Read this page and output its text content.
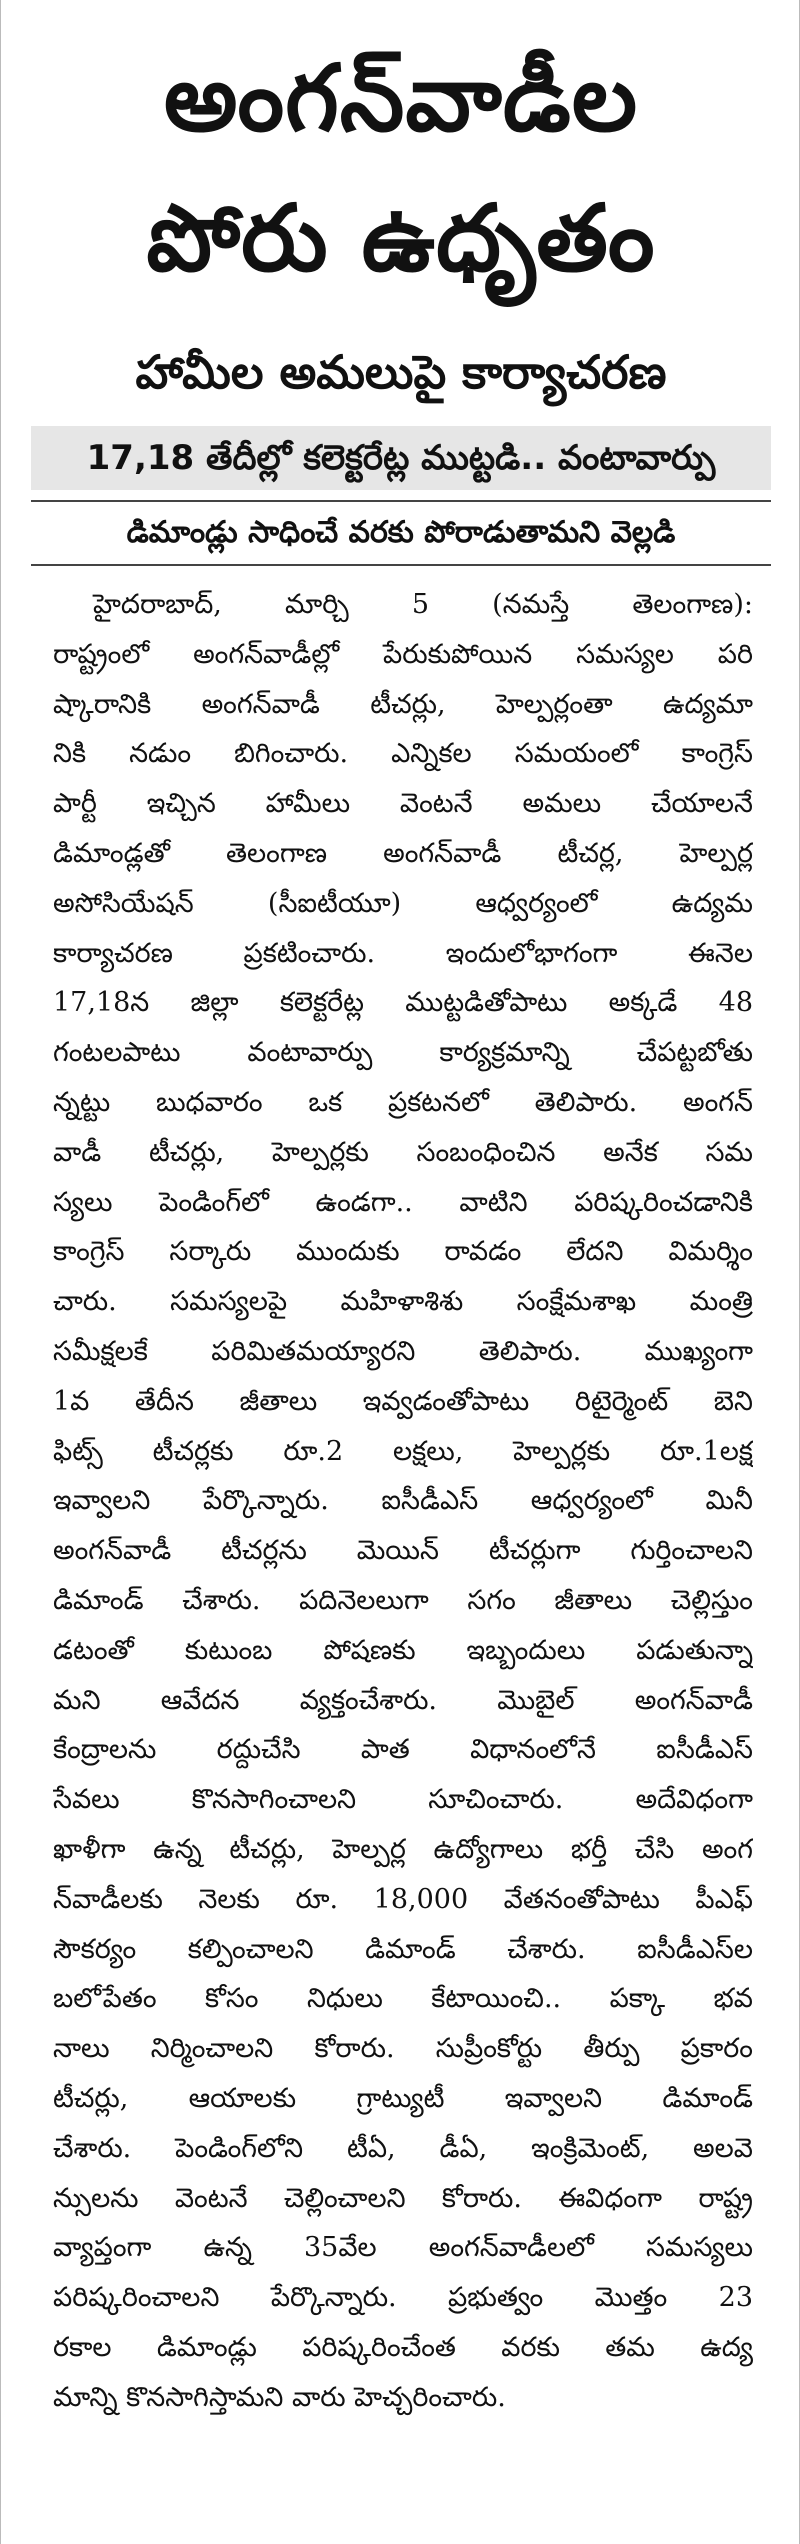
అంగన్‌వాడీల
పోరు ఉధృతం
హామీల అమలుపై కార్యాచరణ
17,18 తేదీల్లో కలెక్టరేట్ల ముట్టడి.. వంటావార్పు
డిమాండ్లు సాధించే వరకు పోరాడుతామని వెల్లడి
హైదరాబాద్, మార్చి 5 (నమస్తే తెలంగాణ):
రాష్ట్రంలో అంగన్‌వాడీల్లో పేరుకుపోయిన సమస్యల పరి
ష్కారానికి అంగన్‌వాడీ టీచర్లు, హెల్పర్లంతా ఉద్యమా
నికి నడుం బిగించారు. ఎన్నికల సమయంలో కాంగ్రెస్
పార్టీ ఇచ్చిన హామీలు వెంటనే అమలు చేయాలనే
డిమాండ్లతో తెలంగాణ అంగన్‌వాడీ టీచర్ల, హెల్పర్ల
అసోసియేషన్ (సీఐటీయూ) ఆధ్వర్యంలో ఉద్యమ
కార్యాచరణ ప్రకటించారు. ఇందులోభాగంగా ఈనెల
17,18న జిల్లా కలెక్టరేట్ల ముట్టడితోపాటు అక్కడే 48
గంటలపాటు వంటావార్పు కార్యక్రమాన్ని చేపట్టబోతు
న్నట్టు బుధవారం ఒక ప్రకటనలో తెలిపారు. అంగన్
వాడీ టీచర్లు, హెల్పర్లకు సంబంధించిన అనేక సమ
స్యలు పెండింగ్‌లో ఉండగా.. వాటిని పరిష్కరించడానికి
కాంగ్రెస్ సర్కారు ముందుకు రావడం లేదని విమర్శిం
చారు. సమస్యలపై మహిళాశిశు సంక్షేమశాఖ మంత్రి
సమీక్షలకే పరిమితమయ్యారని తెలిపారు. ముఖ్యంగా
1వ తేదీన జీతాలు ఇవ్వడంతోపాటు రిటైర్మెంట్ బెని
ఫిట్స్ టీచర్లకు రూ.2 లక్షలు, హెల్పర్లకు రూ.1లక్ష
ఇవ్వాలని పేర్కొన్నారు. ఐసీడీఎస్ ఆధ్వర్యంలో మినీ
అంగన్‌వాడీ టీచర్లను మెయిన్ టీచర్లుగా గుర్తించాలని
డిమాండ్ చేశారు. పదినెలలుగా సగం జీతాలు చెల్లిస్తుం
డటంతో కుటుంబ పోషణకు ఇబ్బందులు పడుతున్నా
మని ఆవేదన వ్యక్తంచేశారు. మొబైల్ అంగన్‌వాడీ
కేంద్రాలను రద్దుచేసి పాత విధానంలోనే ఐసీడీఎస్
సేవలు కొనసాగించాలని సూచించారు. అదేవిధంగా
ఖాళీగా ఉన్న టీచర్లు, హెల్పర్ల ఉద్యోగాలు భర్తీ చేసి అంగ
న్‌వాడీలకు నెలకు రూ. 18,000 వేతనంతోపాటు పీఎఫ్
సౌకర్యం కల్పించాలని డిమాండ్ చేశారు. ఐసీడీఎస్‌ల
బలోపేతం కోసం నిధులు కేటాయించి.. పక్కా భవ
నాలు నిర్మించాలని కోరారు. సుప్రీంకోర్టు తీర్పు ప్రకారం
టీచర్లు, ఆయాలకు గ్రాట్యుటీ ఇవ్వాలని డిమాండ్
చేశారు. పెండింగ్‌లోని టీఏ, డీఏ, ఇంక్రిమెంట్, అలవె
న్సులను వెంటనే చెల్లించాలని కోరారు. ఈవిధంగా రాష్ట్ర
వ్యాప్తంగా ఉన్న 35వేల అంగన్‌వాడీలలో సమస్యలు
పరిష్కరించాలని పేర్కొన్నారు. ప్రభుత్వం మొత్తం 23
రకాల డిమాండ్లు పరిష్కరించేంత వరకు తమ ఉద్య
మాన్ని కొనసాగిస్తామని వారు హెచ్చరించారు.
